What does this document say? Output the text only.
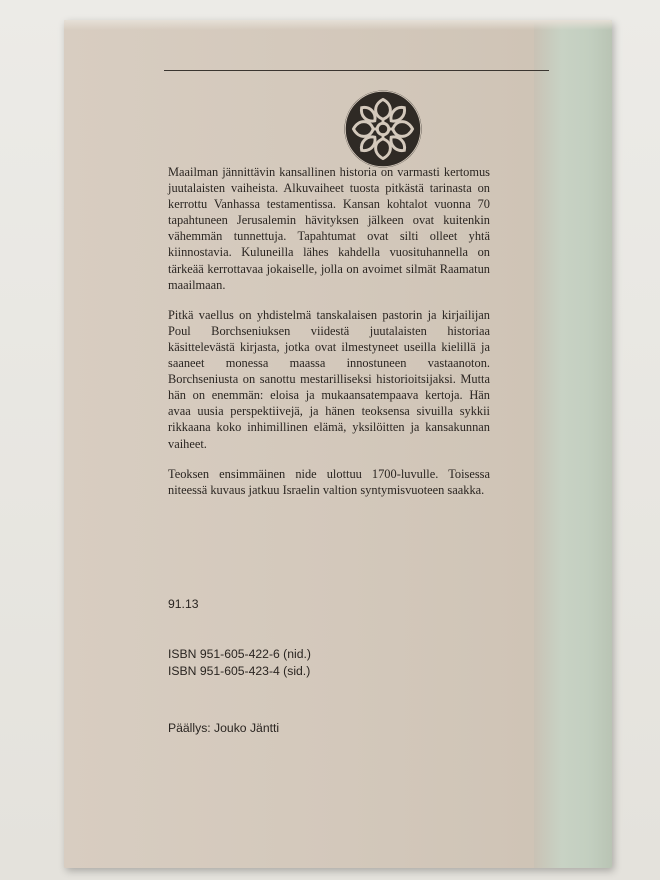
Maailman jännittävin kansallinen historia on varmasti kertomus juutalaisten vaiheista. Alkuvaiheet tuosta pitkästä tarinasta on kerrottu Vanhassa testamentissa. Kansan kohtalot vuonna 70 tapahtuneen Jerusalemin hävityksen jälkeen ovat kuitenkin vähemmän tunnettuja. Tapahtumat ovat silti olleet yhtä kiinnostavia. Kuluneilla lähes kahdella vuosituhannella on tärkeää kerrottavaa jokaiselle, jolla on avoimet silmät Raamatun maailmaan.

Pitkä vaellus on yhdistelmä tanskalaisen pastorin ja kirjailijan Poul Borchseniuksen viidestä juutalaisten historiaa käsittelevästä kirjasta, jotka ovat ilmestyneet useilla kielillä ja saaneet monessa maassa innostuneen vastaanoton. Borchseniusta on sanottu mestarilliseksi historioitsijaksi. Mutta hän on enemmän: eloisa ja mukaansatempaava kertoja. Hän avaa uusia perspektiivejä, ja hänen teoksensa sivuilla sykkii rikkaana koko inhimillinen elämä, yksilöitten ja kansakunnan vaiheet.

Teoksen ensimmäinen nide ulottuu 1700-luvulle. Toisessa niteessä kuvaus jatkuu Israelin valtion syntymisvuoteen saakka.

91.13
ISBN 951-605-422-6 (nid.)
ISBN 951-605-423-4 (sid.)
Päällys: Jouko Jäntti
